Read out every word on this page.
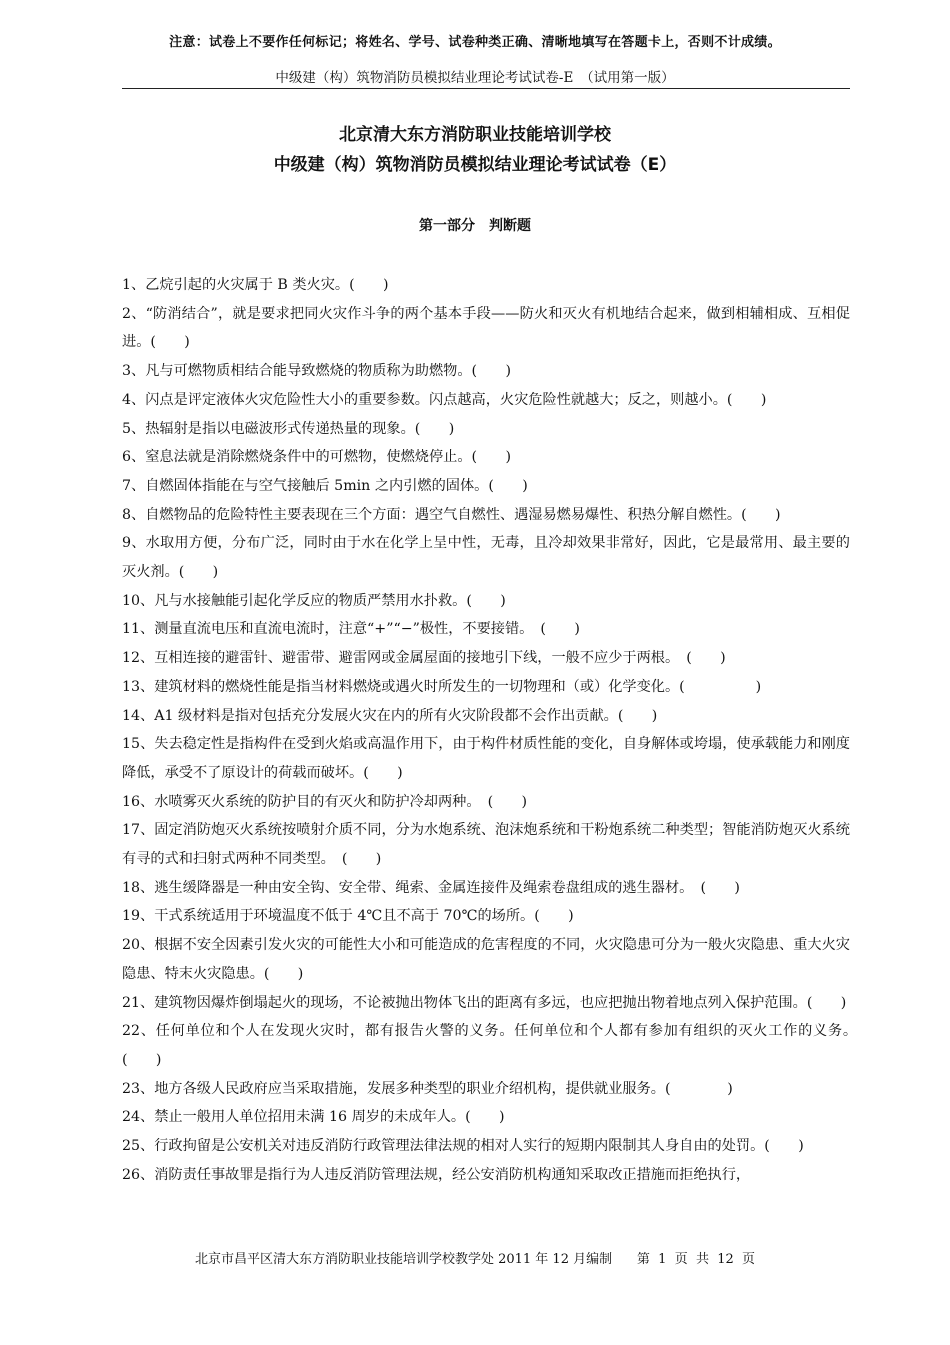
注意：试卷上不要作任何标记；将姓名、学号、试卷种类正确、清晰地填写在答题卡上，否则不计成绩。
中级建（构）筑物消防员模拟结业理论考试试卷-E　（试用第一版）
北京清大东方消防职业技能培训学校
中级建（构）筑物消防员模拟结业理论考试试卷（E）
第一部分　判断题
1、乙烷引起的火灾属于 B 类火灾。(　　)
2、“防消结合”，就是要求把同火灾作斗争的两个基本手段——防火和灭火有机地结合起来，做到相辅相成、互相促进。(　　)
3、凡与可燃物质相结合能导致燃烧的物质称为助燃物。(　　)
4、闪点是评定液体火灾危险性大小的重要参数。闪点越高，火灾危险性就越大；反之，则越小。(　　)
5、热辐射是指以电磁波形式传递热量的现象。(　　)
6、窒息法就是消除燃烧条件中的可燃物，使燃烧停止。(　　)
7、自燃固体指能在与空气接触后 5min 之内引燃的固体。(　　)
8、自燃物品的危险特性主要表现在三个方面：遇空气自燃性、遇湿易燃易爆性、积热分解自燃性。(　　)
9、水取用方便，分布广泛，同时由于水在化学上呈中性，无毒，且冷却效果非常好，因此，它是最常用、最主要的灭火剂。(　　)
10、凡与水接触能引起化学反应的物质严禁用水扑救。(　　)
11、测量直流电压和直流电流时，注意“+”“−”极性，不要接错。　(　　)
12、互相连接的避雷针、避雷带、避雷网或金属屋面的接地引下线，一般不应少于两根。　(　　)
13、建筑材料的燃烧性能是指当材料燃烧或遇火时所发生的一切物理和（或）化学变化。(　　　　　)
14、A1 级材料是指对包括充分发展火灾在内的所有火灾阶段都不会作出贡献。(　　)
15、失去稳定性是指构件在受到火焰或高温作用下，由于构件材质性能的变化，自身解体或垮塌，使承载能力和刚度降低，承受不了原设计的荷载而破坏。(　　)
16、水喷雾灭火系统的防护目的有灭火和防护冷却两种。　(　　)
17、固定消防炮灭火系统按喷射介质不同，分为水炮系统、泡沫炮系统和干粉炮系统二种类型；智能消防炮灭火系统有寻的式和扫射式两种不同类型。　(　　)
18、逃生缓降器是一种由安全钩、安全带、绳索、金属连接件及绳索卷盘组成的逃生器材。　(　　)
19、干式系统适用于环境温度不低于 4℃且不高于 70℃的场所。(　　)
20、根据不安全因素引发火灾的可能性大小和可能造成的危害程度的不同，火灾隐患可分为一般火灾隐患、重大火灾隐患、特末火灾隐患。(　　)
21、建筑物因爆炸倒塌起火的现场，不论被抛出物体飞出的距离有多远，也应把抛出物着地点列入保护范围。(　　)
22、任何单位和个人在发现火灾时，都有报告火警的义务。任何单位和个人都有参加有组织的灭火工作的义务。　(　　)
23、地方各级人民政府应当采取措施，发展多种类型的职业介绍机构，提供就业服务。(　　　　)
24、禁止一般用人单位招用未满 16 周岁的未成年人。(　　)
25、行政拘留是公安机关对违反消防行政管理法律法规的相对人实行的短期内限制其人身自由的处罚。(　　)
26、消防责任事故罪是指行为人违反消防管理法规，经公安消防机构通知采取改正措施而拒绝执行，
北京市昌平区清大东方消防职业技能培训学校教学处 2011 年 12 月编制 第  1  页  共  12  页
